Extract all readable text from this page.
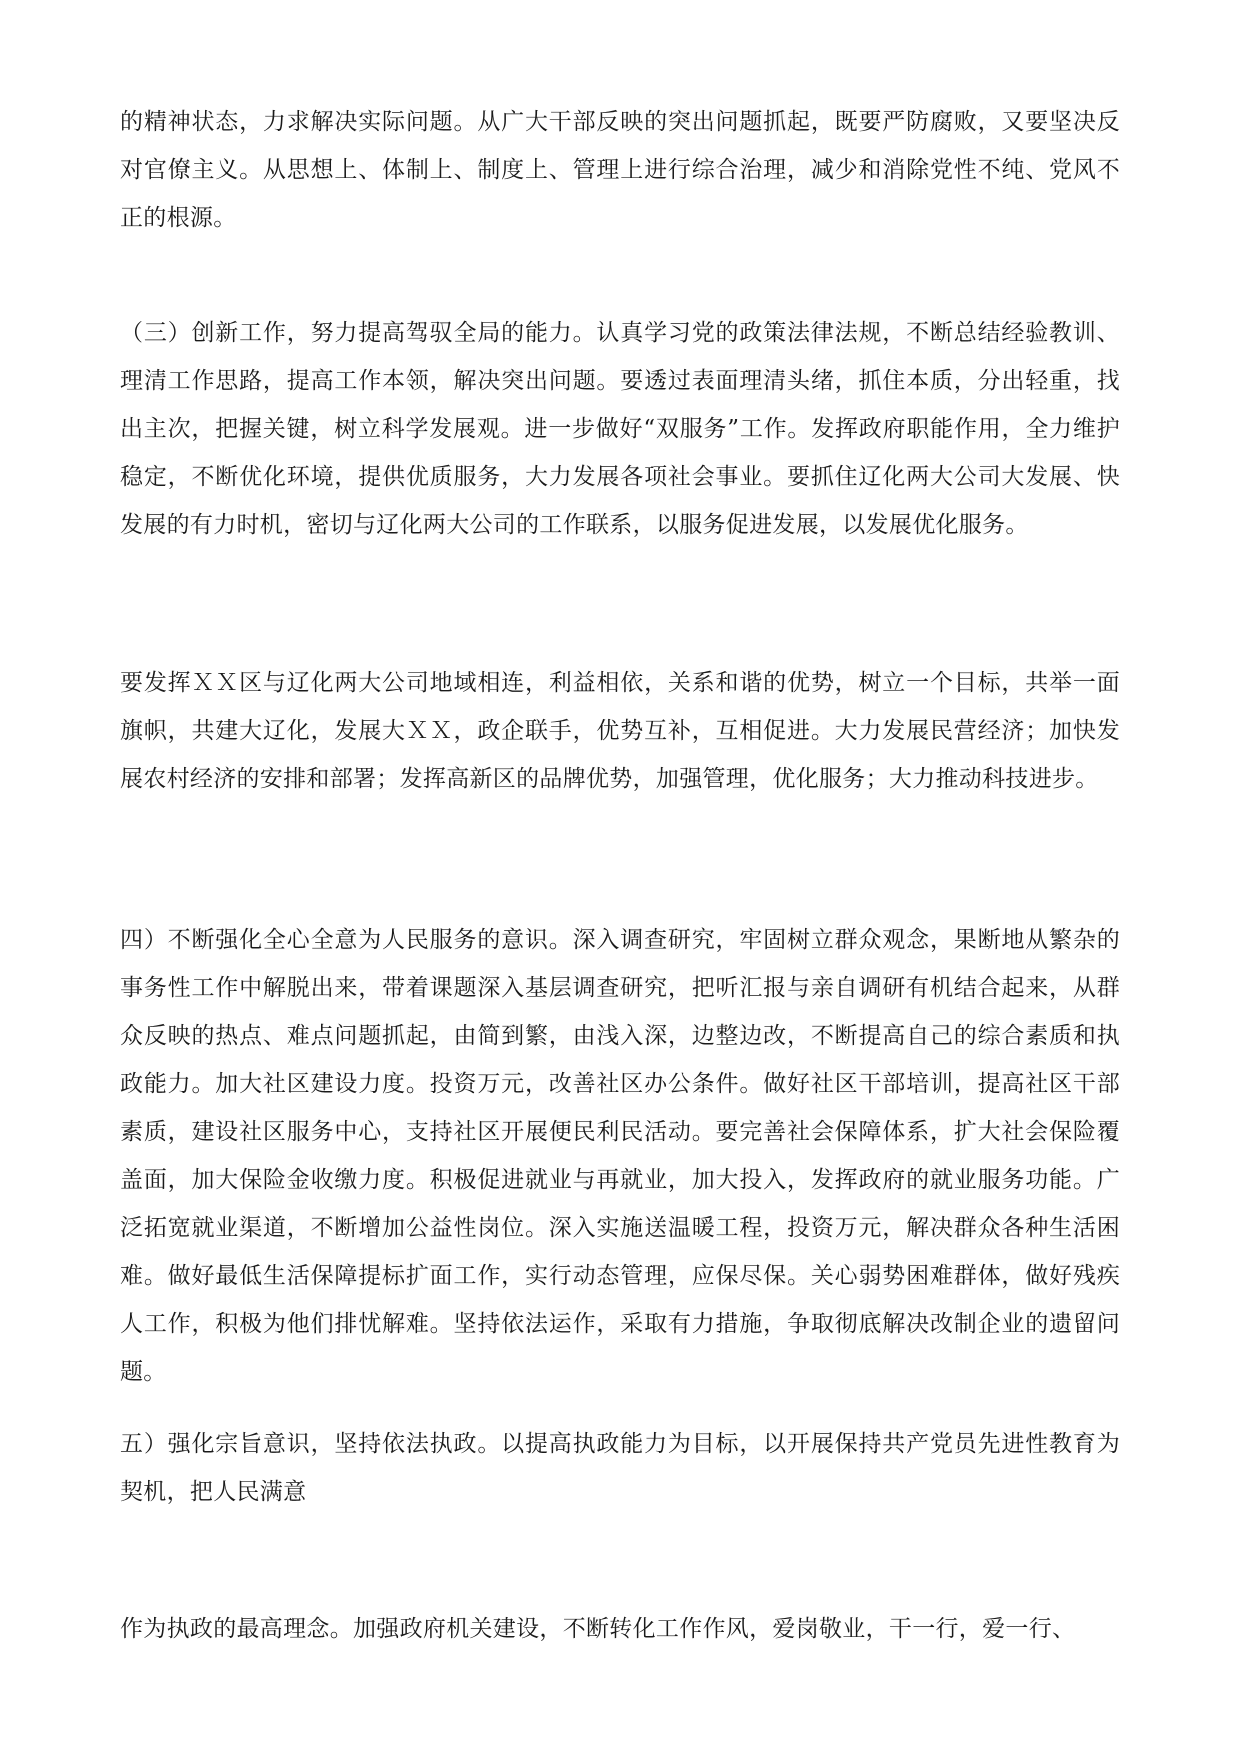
的精神状态，力求解决实际问题。从广大干部反映的突出问题抓起，既要严防腐败，又要坚决反对官僚主义。从思想上、体制上、制度上、管理上进行综合治理，减少和消除党性不纯、党风不正的根源。

（三）创新工作，努力提高驾驭全局的能力。认真学习党的政策法律法规，不断总结经验教训、理清工作思路，提高工作本领，解决突出问题。要透过表面理清头绪，抓住本质，分出轻重，找出主次，把握关键，树立科学发展观。进一步做好“双服务”工作。发挥政府职能作用，全力维护稳定，不断优化环境，提供优质服务，大力发展各项社会事业。要抓住辽化两大公司大发展、快发展的有力时机，密切与辽化两大公司的工作联系，以服务促进发展，以发展优化服务。

要发挥ＸＸ区与辽化两大公司地域相连，利益相依，关系和谐的优势，树立一个目标，共举一面旗帜，共建大辽化，发展大ＸＸ，政企联手，优势互补，互相促进。大力发展民营经济；加快发展农村经济的安排和部署；发挥高新区的品牌优势，加强管理，优化服务；大力推动科技进步。

四）不断强化全心全意为人民服务的意识。深入调查研究，牢固树立群众观念，果断地从繁杂的事务性工作中解脱出来，带着课题深入基层调查研究，把听汇报与亲自调研有机结合起来，从群众反映的热点、难点问题抓起，由简到繁，由浅入深，边整边改，不断提高自己的综合素质和执政能力。加大社区建设力度。投资万元，改善社区办公条件。做好社区干部培训，提高社区干部素质，建设社区服务中心，支持社区开展便民利民活动。要完善社会保障体系，扩大社会保险覆盖面，加大保险金收缴力度。积极促进就业与再就业，加大投入，发挥政府的就业服务功能。广泛拓宽就业渠道，不断增加公益性岗位。深入实施送温暖工程，投资万元，解决群众各种生活困难。做好最低生活保障提标扩面工作，实行动态管理，应保尽保。关心弱势困难群体，做好残疾人工作，积极为他们排忧解难。坚持依法运作，采取有力措施，争取彻底解决改制企业的遗留问题。

五）强化宗旨意识，坚持依法执政。以提高执政能力为目标，以开展保持共产党员先进性教育为契机，把人民满意

作为执政的最高理念。加强政府机关建设，不断转化工作作风，爱岗敬业，干一行，爱一行、
